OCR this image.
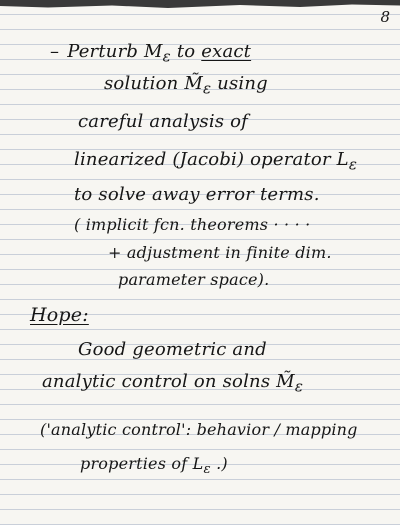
8
– Perturb $M_\varepsilon$ to exact
solution $M̃_\varepsilon$ using
careful analysis of
linearized (Jacobi) operator $L_\varepsilon$
to solve away error terms.
( implicit fcn. theorems · · · ·
+ adjustment in finite dim.
parameter space).
Hope:
Good geometric and
analytic control on solns $M̃_\varepsilon$
('analytic control': behavior / mapping
properties of $L_\varepsilon$ .)
